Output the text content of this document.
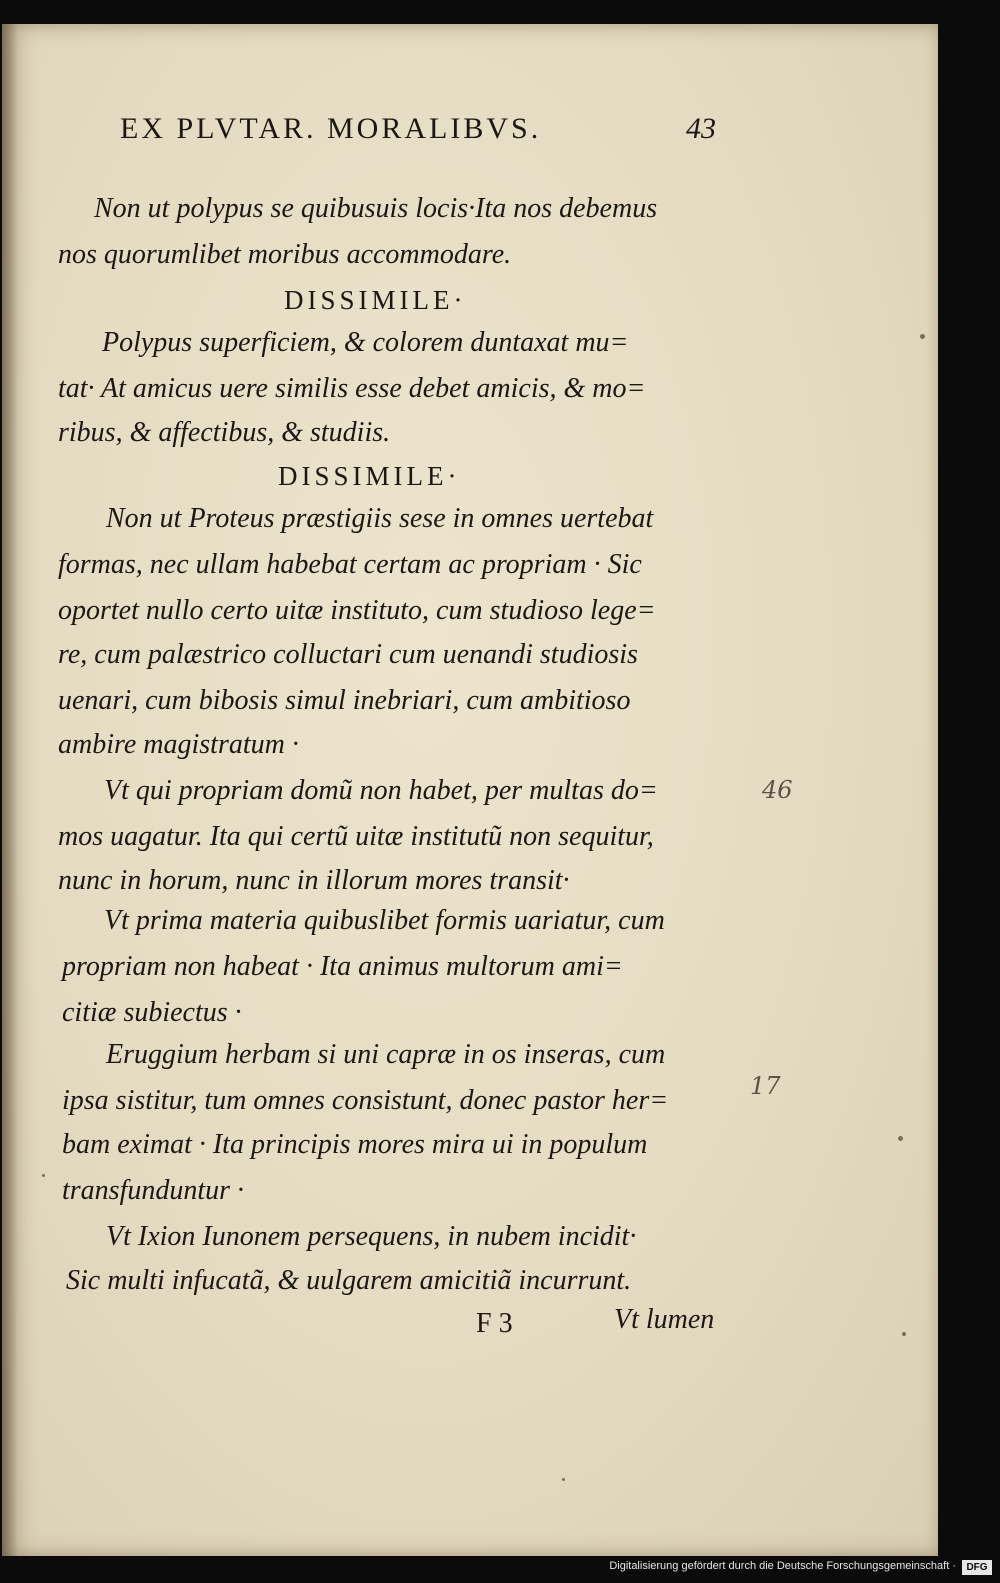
EX PLVTAR. MORALIBVS.	43

Non ut polypus se quibusuis locis·Ita nos debemus

nos quorumlibet moribus accommodare.

DISSIMILE·

Polypus superficiem, & colorem duntaxat mu=

tat· At amicus uere similis esse debet amicis, & mo=

ribus, & affectibus, & studiis.

DISSIMILE·

Non ut Proteus præstigiis sese in omnes uertebat

formas, nec ullam habebat certam ac propriam · Sic

oportet nullo certo uitæ instituto, cum studioso lege=

re, cum palæstrico colluctari cum uenandi studiosis

uenari, cum bibosis simul inebriari, cum ambitioso

ambire magistratum ·

Vt qui propriam domũ non habet, per multas do=

mos uagatur. Ita qui certũ uitæ institutũ non sequitur,

nunc in horum, nunc in illorum mores transit·

Vt prima materia quibuslibet formis uariatur, cum

propriam non habeat · Ita animus multorum ami=

citiæ subiectus ·

Eruggium herbam si uni capræ in os inseras, cum

ipsa sistitur, tum omnes consistunt, donec pastor her=

bam eximat · Ita principis mores mira ui in populum

transfunduntur ·

Vt Ixion Iunonem persequens, in nubem incidit·

Sic multi infucatã, & uulgarem amicitiã incurrunt.

46

17

F 3	Vt lumen

Digitalisierung gefördert durch die Deutsche Forschungsgemeinschaft ·	DFG
